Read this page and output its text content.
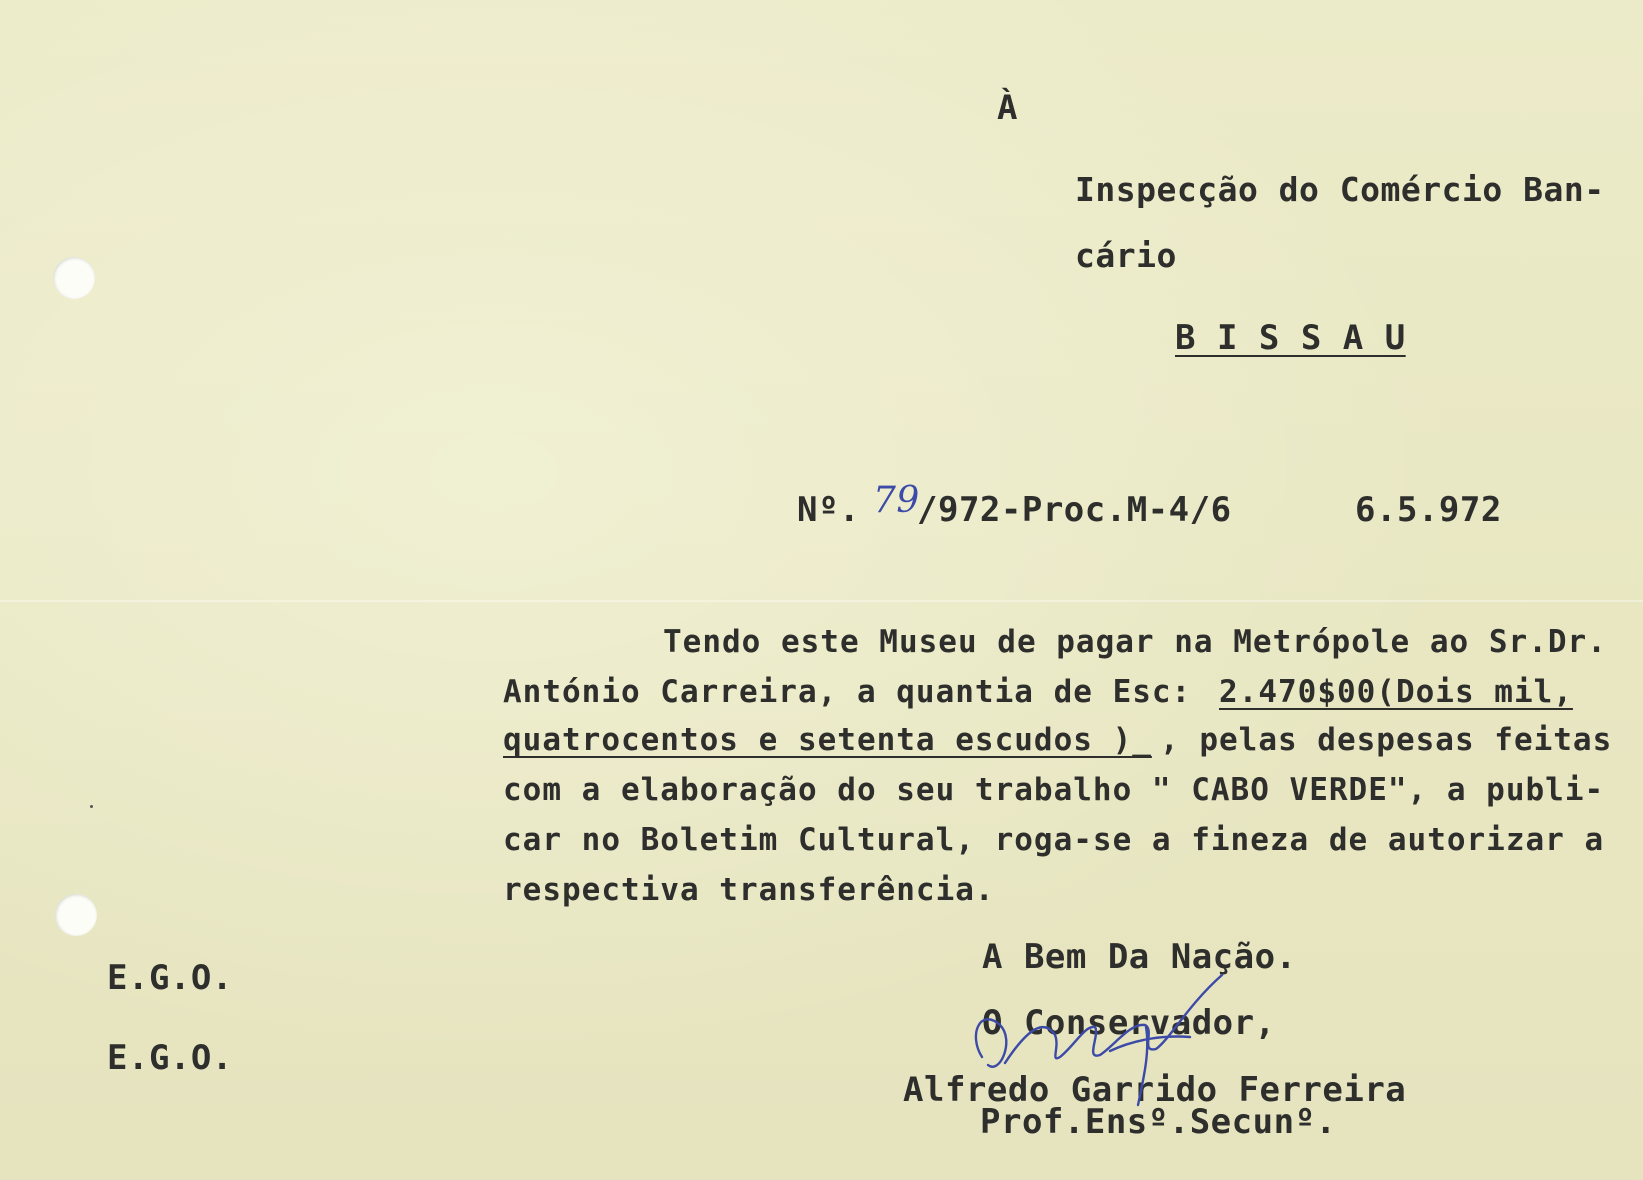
À
Inspecção do Comércio Ban-
cário
B I S S A U
Nº. 79
/972-Proc.M-4/6	6.5.972
Tendo este Museu de pagar na Metrópole ao Sr.Dr.
António Carreira, a quantia de Esc: 2.470$00(Dois mil,
quatrocentos e setenta escudos )_ , pelas despesas feitas
com a elaboração do seu trabalho " CABO VERDE", a publi-
car no Boletim Cultural, roga-se a fineza de autorizar a
respectiva transferência.
A Bem Da Nação.
O Conservador,
Alfredo Garrido Ferreira
Prof.Ensº.Secunº.
E.G.O.
E.G.O.
